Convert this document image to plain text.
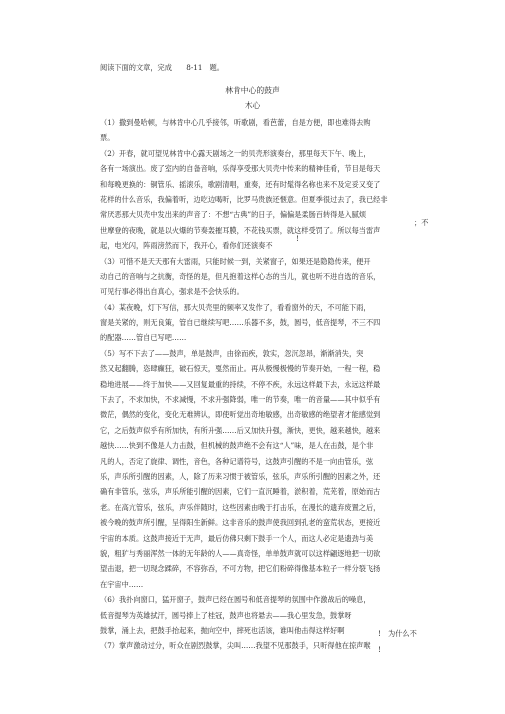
阅读下面的文章，完成　　8-11　题。
林肯中心的鼓声
木心
（1）撒到曼哈顿，与林肯中心几乎接邻，听歌剧，看芭蕾，自是方便，即也难得去购
票。
（2）开春，就可望见林肯中心露天剧场之一的贝壳形演奏台，那里每天下午、晚上，
各有一场演出。废了室内的自备音响，乐得享受那大贝壳中传来的精神佳肴，节目是每天
和每晚更换的：铜管乐、摇滚乐，歌剧清唱，重奏，还有时髦得名称也来不及定妥又变了
花样的什么音乐，我偏着听，边吃边喝听，比罗马贵族还惬意。但夏季很过去了，我已经非
常厌恶那大贝壳中发出来的声音了：不想“古典”的日子，偏偏是柔肠百转得是入腻烦
世摩登的夜晚，就是以火爆的节奏轰摧耳膜，不花钱买票，就这样受罚了。所以每当雷声
起，电光闪，阵雨滂然而下，我开心，看你们还演奏不
（3）可惜不是天天那有大雷雨，只能时候一到，关紧窗子，如果还是隐隐传来，便开
动自己的音响与之抗衡，奇怪的是，但凡抱着这样心态的当儿，就也听不进自选的音乐，
可见行事必得出自真心，强求是不会快乐的。
（4）某夜晚，灯下写信，那大贝壳里的频率又发作了，看看窗外的天，不可能下雨，
窗是关紧的，则无良策，管自已继续写吧……乐器不多，鼓，圆号，低音提琴，不三不四
的配器……管自已写吧……
（5）写不下去了——鼓声，单是鼓声，由徐而疾，敦实，忽沉忽昂，渐渐消失，突
然又起翻腾，恣肆癫狂，破石惊天，戛然而止。再从极慢极慢的节奏开始，一程一程，稳
稳地进展——终于加快——又回复最重的持续，不停不疾，永远这样最下去，永远这样最
下去了，不求加快，不求减慢，不求升强降弱，唯一的节奏，唯一的音量——其中似乎有
微茫，偶然的变化，变化无难辨认，即使听觉出奇地敏感，出奇敏感的绝望者才能感觉到
它，之后鼓声似乎有所加快，有所升强……后又加快升强，渐快，更快，越来越快，越来
越快……快到不像是人力击鼓，但机械的鼓声绝不会有这“人”味，是人在击鼓，是个非
凡的人，否定了旋律、调性，音色，各种记谱符号，这鼓声引醒的不是一向由管乐，弦
乐，声乐所引醒的因素，人，除了历来习惯于被管乐，弦乐，声乐所引醒的因素之外，还
确有非管乐，弦乐，声乐所能引醒的因素，它们一直沉睡着，淤积着，荒芜着，原始而古
老。在高亢管乐，弦乐，声乐伴随时，这些因素由晚于打击乐，在漫长的遗弃废置之后，
被今晚的鼓声所引醒，呈得阳生新鲜。这非音乐的鼓声使我回到孔老的蛮荒状态，更接近
宇宙的本质。这鼓声接近于无声，最后仿佛只剩下鼓手一个人，而这人必定是遗劲与美
貌，粗犷与秀丽浑然一体的无年龄的人——真奇怪，单单鼓声就可以这样翩逐地把一切欲
望击退，把一切现念蹂碎，不容弥吞，不可方物，把它们粉碎得像基本粒子一样分裂飞扬
在宇宙中……
（6）我扑向窗口，猛开窗子，鼓声已经在圆号和低音提琴的氛围中作激战后的噪息，
低音提琴为英雄拭汗，圆号捧上了桂冠，鼓声也将悬去——我心里发急，鼓掌呀
鼓掌，涌上去，把鼓手抬起来，抛向空中，摔死也活该，谁叫他击得这样好啊
（7）掌声激动过分，听众在剧烈鼓掌，尖叫……我望不见那鼓手，只听得他在掠声喉
；不
!
! 为什么不
!
